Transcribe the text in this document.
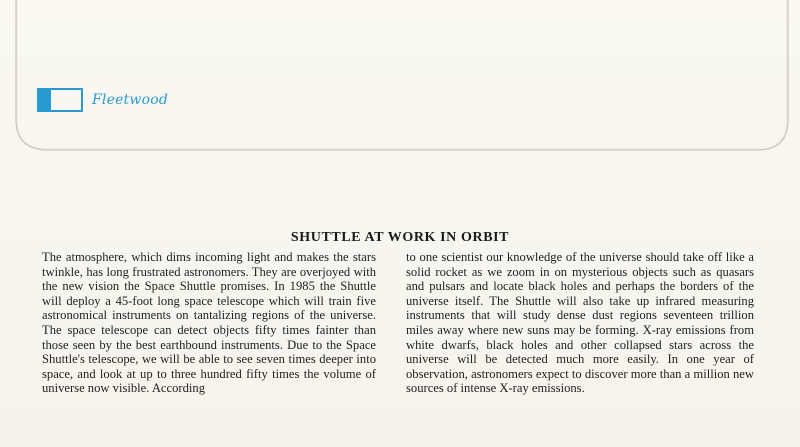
Fleetwood
SHUTTLE AT WORK IN ORBIT

The atmosphere, which dims incoming light and makes the stars twinkle, has long frustrated astronomers. They are overjoyed with the new vision the Space Shuttle promises. In 1985 the Shuttle will deploy a 45-foot long space telescope which will train five astronomical instruments on tantalizing regions of the universe. The space telescope can detect objects fifty times fainter than those seen by the best earthbound instruments. Due to the Space Shuttle's telescope, we will be able to see seven times deeper into space, and look at up to three hundred fifty times the volume of universe now visible. According

to one scientist our knowledge of the universe should take off like a solid rocket as we zoom in on mysterious objects such as quasars and pulsars and locate black holes and perhaps the borders of the universe itself. The Shuttle will also take up infrared measuring instruments that will study dense dust regions seventeen trillion miles away where new suns may be forming. X-ray emissions from white dwarfs, black holes and other collapsed stars across the universe will be detected much more easily. In one year of observation, astronomers expect to discover more than a million new sources of intense X-ray emissions.
